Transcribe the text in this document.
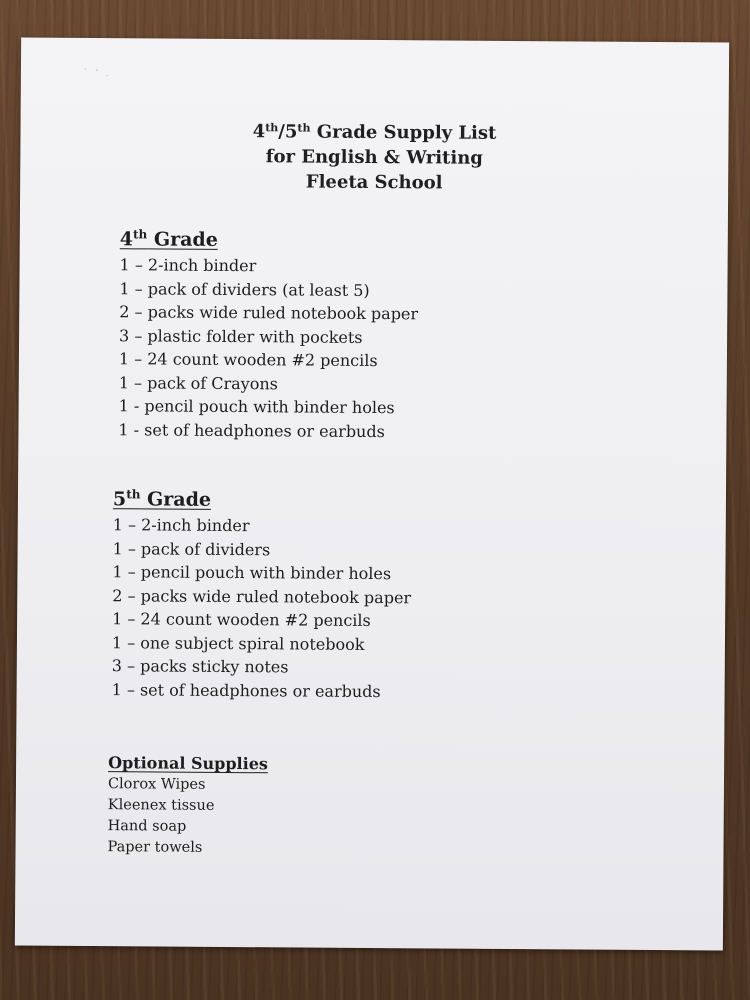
˙ ‘ .
4th/5th Grade Supply List
for English & Writing
Fleeta School
4th Grade
1 – 2-inch binder
1 – pack of dividers (at least 5)
2 – packs wide ruled notebook paper
3 – plastic folder with pockets
1 – 24 count wooden #2 pencils
1 – pack of Crayons
1 - pencil pouch with binder holes
1 - set of headphones or earbuds
5th Grade
1 – 2-inch binder
1 – pack of dividers
1 – pencil pouch with binder holes
2 – packs wide ruled notebook paper
1 – 24 count wooden #2 pencils
1 – one subject spiral notebook
3 – packs sticky notes
1 – set of headphones or earbuds
Optional Supplies
Clorox Wipes
Kleenex tissue
Hand soap
Paper towels
